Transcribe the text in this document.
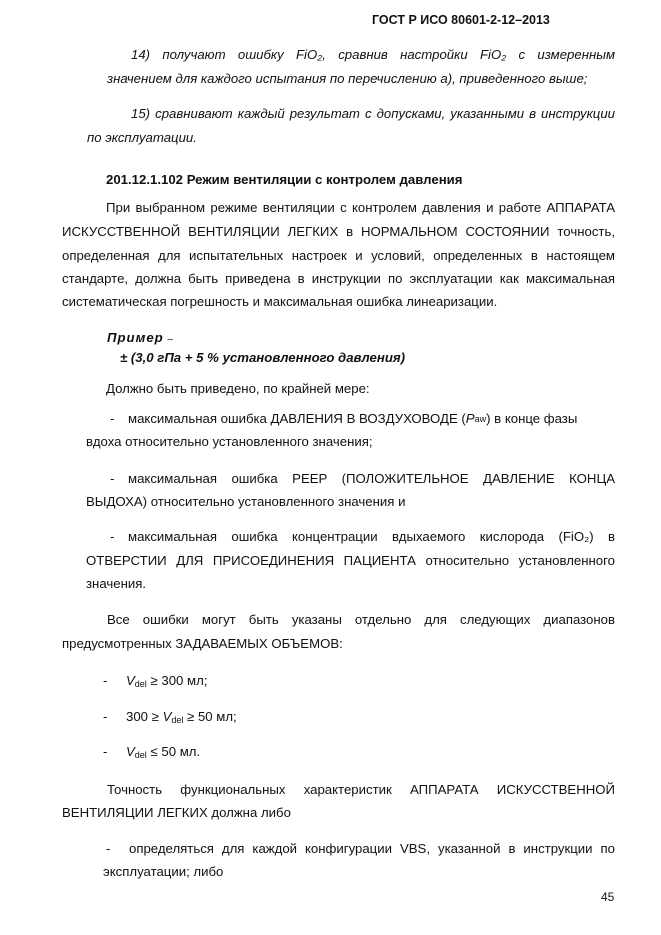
ГОСТ Р ИСО 80601-2-12–2013
14) получают ошибку FiO₂, сравнив настройки FiO₂ с измеренным
значением для каждого испытания по перечислению а), приведенного выше;
15) сравнивают каждый результат с допусками, указанными в инструкции
по эксплуатации.
201.12.1.102 Режим вентиляции с контролем давления
При выбранном режиме вентиляции с контролем давления и работе АППАРАТА
ИСКУССТВЕННОЙ ВЕНТИЛЯЦИИ ЛЕГКИХ в НОРМАЛЬНОМ СОСТОЯНИИ точность,
определенная для испытательных настроек и условий, определенных в настоящем
стандарте, должна быть приведена в инструкции по эксплуатации как максимальная
систематическая погрешность и максимальная ошибка линеаризации.
Пример –
± (3,0 гПа + 5 % установленного давления)
Должно быть приведено, по крайней мере:
-	максимальная ошибка ДАВЛЕНИЯ В ВОЗДУХОВОДЕ ( P aw ) в конце фазы
вдоха относительно установленного значения;
- максимальная ошибка PEEP (ПОЛОЖИТЕЛЬНОЕ ДАВЛЕНИЕ КОНЦА
ВЫДОХА) относительно установленного значения и
- максимальная ошибка концентрации вдыхаемого кислорода (FiO₂) в
ОТВЕРСТИИ ДЛЯ ПРИСОЕДИНЕНИЯ ПАЦИЕНТА относительно установленного
значения.
Все ошибки могут быть указаны отдельно для следующих диапазонов
предусмотренных ЗАДАВАЕМЫХ ОБЪЕМОВ:
- Vdel ≥ 300 мл;
- 300 ≥ Vdel ≥ 50 мл;
- Vdel ≤ 50 мл.
Точность функциональных характеристик АППАРАТА ИСКУССТВЕННОЙ
ВЕНТИЛЯЦИИ ЛЕГКИХ должна либо
- определяться для каждой конфигурации VBS, указанной в инструкции по
эксплуатации; либо
45
